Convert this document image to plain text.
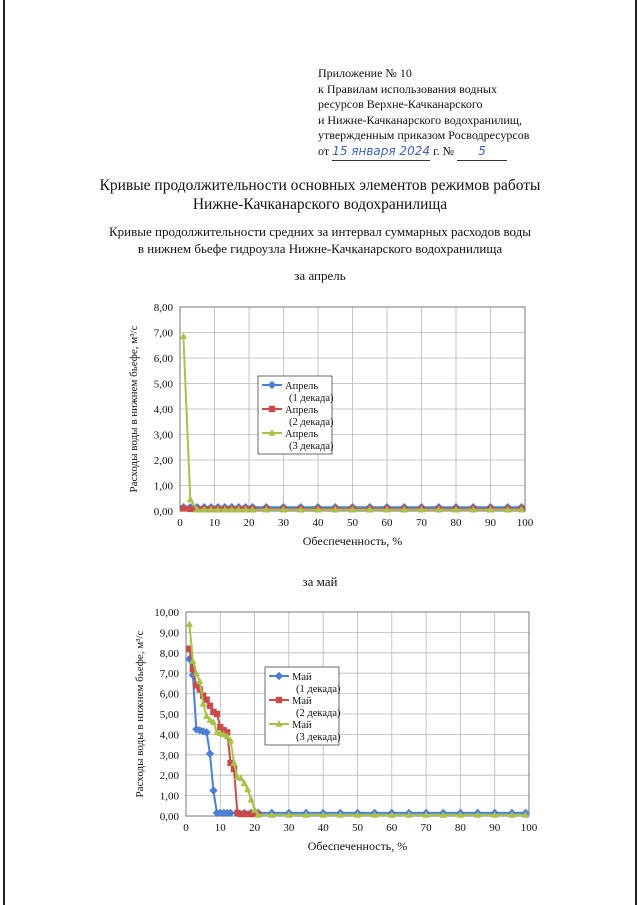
Приложение № 10
к Правилам использования водных
ресурсов Верхне-Качканарского
и Нижне-Качканарского водохранилищ,
утвержденным приказом Росводресурсов
от 15 января 2024 г. № 5
Кривые продолжительности основных элементов режимов работы
Нижне-Качканарского водохранилища
Кривые продолжительности средних за интервал суммарных расходов воды
в нижнем бьефе гидроузла Нижне-Качканарского водохранилища
за апрель
0 10 20 30 40 50 60 70 80 90 100
0,00
1,00
2,00
3,00
4,00
5,00
6,00
7,00
8,00
Обеспеченность, %
Расходы воды в нижнем бьефе, м³/с	Апрель
(1 декада)
Апрель
(2 декада)
Апрель
(3 декада)
за май
0 10 20 30 40 50 60 70 80 90 100
0,00
1,00
2,00
3,00
4,00
5,00
6,00
7,00
8,00
9,00
10,00
Обеспеченность, %
Расходы воды в нижнем бьефе, м³/с	Май
(1 декада)
Май
(2 декада)
Май
(3 декада)
